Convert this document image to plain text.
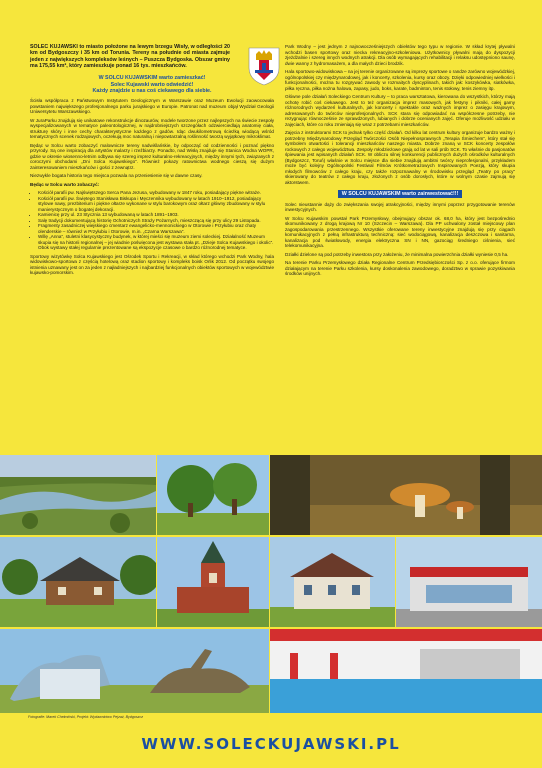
SOLEC KUJAWSKI to miasto położone na lewym brzegu Wisły, w odległości 20 km od Bydgoszczy i 35 km od Torunia. Tereny na południe od miasta zajmuje jeden z największych kompleksów leśnych – Puszcza Bydgoska. Obszar gminy ma 175,55 km², który zamieszkuje ponad 16 tys. mieszkańców.

W SOLCU KUJAWSKIM warto zamieszkać!
Solec Kujawski warto odwiedzić!
Każdy znajdzie u nas coś ciekawego dla siebie.

Ścisła współpraca z Państwowym Instytutem Geologicznym w Warszawie oraz Muzeum Ewolucji zaowocowała powstaniem największego profesjonalnego parku jurajskiego w Europie. Patronat nad muzeum objął Wydział Geologii Uniwersytetu Warszawskiego.

W JuraParku znajdują się unikatowe rekonstrukcje dinozaurów, modele tworzone przez najlepszych na świecie zespoły wyspecjalizowanych w tematyce paleontologicznej, w najdrobniejszych szczegółach odzwierciedlają anatomię ciała, strukturę skóry i inne cechy charakterystyczne każdego z gadów. Idąc dwukilometrową ścieżką wiodącą wśród tematycznych scenek rodzajowych, oczekują moc naturalną i niepowtarzalną roślinność tworzą wyjątkowy mikroklimat.

Będąc w Solcu warto zobaczyć malownicze tereny nadwiślańskie, by odpocząć od codzienności i poznać piękno przyrody. Są one inspiracją dla artystów malarzy i rzeźbiarzy. Ponadto, nad Wisłą znajduje się Stanica Wodna WOPR, gdzie w okresie wiosenno-letnim odbywa się szereg imprez kulturalno-rekreacyjnych, między innymi tych, związanych z coroczymi obchodami „Dni Solca Kujawskiego”. Również pokazy ratownictwa wodnego cieszą się dużym zainteresowaniem mieszkańców i gości z zewnątrz.

Niezwykle bogata historia tego miejsca pozwala na przeniesienie się w dawne czasy.

Będąc w Solcu warto zobaczyć:

• Kościół parafii pw. Najświętszego Serca Pana Jezusa, wybudowany w 1847 roku, posiadający piękne witraże.
• Kościół parafii pw. Świętego Stanisława Biskupa i Męczennika wybudowany w latach 1910–1912, posiadający stylowe nawy, prezbiterium i piękne ołtarze wykonane w stylu barokowym oraz ołtarz główny zbudowany w stylu manierystycznym o bogatej dekoracji.
• Kamienicę przy ul. 23 Stycznia 13 wybudowaną w latach 1891–1903.
• Salę tradycji dokumentującą historię Ochotniczych Straży Pożarnych, mieszczącą się przy ulicy 29 Listopada.
• Fragmenty zasadniczej wiejskiego cmentarz ewangelicko-mennonickiego w Otorowie i Przyłubiu oraz chaty olenderskie – również w Przyłubiu i Otorowie, m.in. „Czarna Warszawa”.
• Willę „Anna”, stuletni klasycystyczny budynek, w której mieści się muzeum ziemi soleckiej. Działalność Muzeum skupia się na historii regionalnej – jej wiadnie poświęcona jest wystawa stała pt. „Dzieje Solca Kujawskiego i okolic”. Obok wystawy stałej regularnie prezentowane są ekspozycje czasowe o bardzo różnorodnej tematyce.

Sportowy wizytówkę Solca Kujawskiego jest Ośrodek Sportu i Rekreacji, w skład którego wchodzi Park Wodny, hala widowiskowo-sportowa z częścią hotelową oraz stadion sportowy i kompleks boisk Orlik 2012. Od początku swojego istnienia uznawany jest on za jeden z najładniejszych i najbardziej funkcjonalnych obiektów sportowych w województwie kujawsko-pomorskim.

Park Wodny – jest jednym z najnowocześniejszych obiektów tego typu w regionie. W skład krytej pływalni wchodzi basen sportowy oraz niecka rekreacyjno-szkoleniowa. Użytkownicy pływalni mają do dyspozycji zjeżdżalnie i szereg innych wodnych atrakcji. Dla osób wymagających rehabilitacji i relaksu udostępniono saunę, dwie wanny z hydromasażem, a dla małych dzieci brodzik.

Hala sportowo-widowiskowa – na jej terenie organizowane są imprezy sportowe o randze zarówno wojewódzkiej, ogólnopolskiej czy międzynarodowej, jak i koncerty, szkolenia, kursy oraz obozy. Dzięki odpowiedniej wielkości i funkcjonalności, można tu rozgrywać zawody w rozmaitych dyscyplinach, takich jak: koszykówka, siatkówka, piłka ręczna, piłka nożna halowa, zapasy, judo, boks, karate, badminton, tenis stołowy, tenis ziemny itp.

Główne pole działań Soleckiego Centrum Kultury – to praca warsztatowa, kierowana do wszystkich, którzy mają ochotę robić coś ciekawego. Jest to też organizacja imprez masowych, jak festyny i pikniki, całej gamy różnorodnych wydarzeń kulturalnych, jak koncerty i spektakle oraz ważnych imprez o zasięgu krajowym, adresowanych do twórców nieprofesjonalnych. SCK stara się odpowiadać na współczesne potrzeby, nie rezygnując równocześnie ze sprawdzonych, lubianych i dobrze ocenianych zajęć. Oferuje możliwość udziału w zajęciach, które co roku zmieniają się wraz z potrzebami mieszkańców.

Zajęcia z instruktorami SCK to jednak tylko część działań. Od kilku lat centrum kultury organizuje bardzo ważny i potrzebny Międzynarodowy Przegląd Twórczości Osób Niepełnosprawnych „Terapia Śmiechem”, który stał się symbolem otwartości i tolerancji mieszkańców naszego miasta. Dobrze znaną w SCK koncerty zespołów rockowych z całego województwa. Zespoły młodzieżowe grają od lat w sali prób SCK. To właśnie do pasjonatów śpiewania jest wpisanych działań SCK. W obliczu silnej konkurencji publicznych dużych ośrodków kulturalnych (Bydgoszcz, Toruń) właśnie w Solcu miejsce dla siebie znajdują ambitni twórcy nieprofesjonalni, przykładem może być kolejny Ogólnopolski Festiwal Filmów Krótkometrażowych Inspirowanych Poezją, który skupia młodych filmowców z całego kraju, czy także rozpoznawalny w środowisku przegląd „Teatry po pracy” skierowany do teatrów z całego kraju, złożonych z osób dorosłych, które w wolnym czasie zajmują się aktorstwem.

W SOLCU KUJAWSKIM warto zainwestować!!!

Solec nieustannie dąży do zwiększania swojej atrakcyjności, między innymi poprzez przygotowanie terenów inwestycyjnych.

W Solcu Kujawskim powstał Park Przemysłowy, obejmujący obszar ok. 68,0 ha, który jest bezpośrednio skomunikowany z drogą krajową Nr 10 (Szczecin – Warszawa). Dla PP uchwalony został miejscowy plan zagospodarowania przestrzennego. Wszystkie oferowane tereny inwestycyjne znajdują się przy ciągach komunikacyjnych z pełną infrastrukturą techniczną: sieć wodociągową, kanalizacja deszczowa i sanitarna, kanalizacja pod światłowody, energia elektryczna SN i NN, gazociąg średniego ciśnienia, sieć telekomunikacyjna.

Działki dzielone są pod potrzeby inwestora przy założeniu, że minimalna powierzchnia działki wyniesie 0,5 ha.

Na terenie Parku Przemysłowego działa Regionalne Centrum Przedsiębiorczości Sp. z o.o. oferujące firmom działającym na terenie Parku szkolenia, kursy doskonalenia zawodowego, doradztwo w sprawie pozyskiwania środków unijnych.

Fotografie: Marek Chełmiński, Projekt: Wydawnictwo Pejzaż, Bydgoszcz
WWW.SOLECKUJAWSKI.PL
